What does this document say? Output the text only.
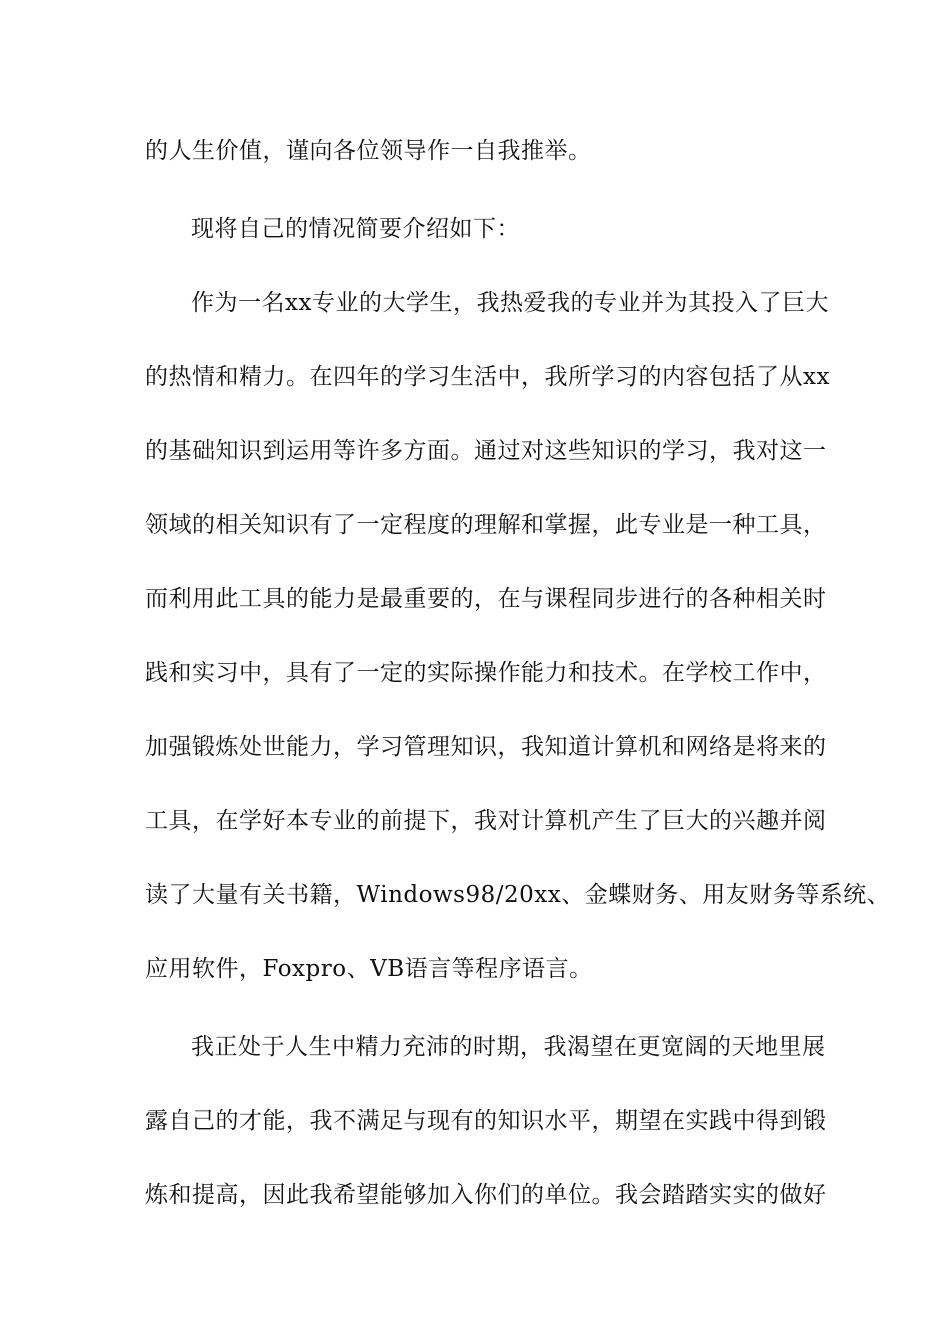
的人生价值，谨向各位领导作一自我推举。
现将自己的情况简要介绍如下：
作为一名xx专业的大学生，我热爱我的专业并为其投入了巨大
的热情和精力。在四年的学习生活中，我所学习的内容包括了从xx
的基础知识到运用等许多方面。通过对这些知识的学习，我对这一
领域的相关知识有了一定程度的理解和掌握，此专业是一种工具，
而利用此工具的能力是最重要的，在与课程同步进行的各种相关时
践和实习中，具有了一定的实际操作能力和技术。在学校工作中，
加强锻炼处世能力，学习管理知识，我知道计算机和网络是将来的
工具，在学好本专业的前提下，我对计算机产生了巨大的兴趣并阅
读了大量有关书籍，Windows98/20xx、金蝶财务、用友财务等系统、
应用软件，Foxpro、VB语言等程序语言。
我正处于人生中精力充沛的时期，我渴望在更宽阔的天地里展
露自己的才能，我不满足与现有的知识水平，期望在实践中得到锻
炼和提高，因此我希望能够加入你们的单位。我会踏踏实实的做好
